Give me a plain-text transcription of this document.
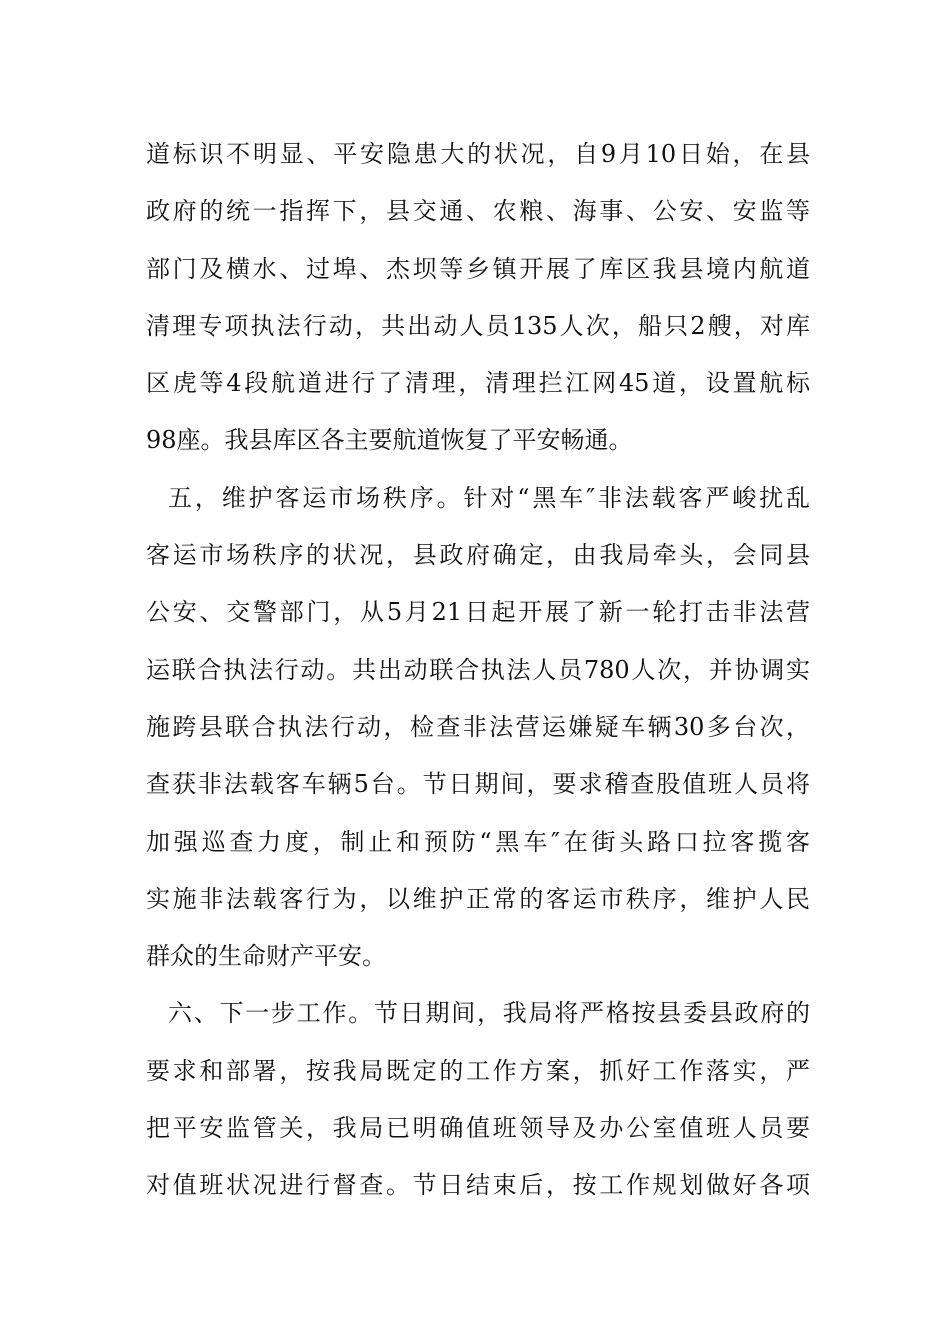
道标识不明显、平安隐患大的状况，自9月10日始，在县
政府的统一指挥下，县交通、农粮、海事、公安、安监等
部门及横水、过埠、杰坝等乡镇开展了库区我县境内航道
清理专项执法行动，共出动人员135人次，船只2艘，对库
区虎等4段航道进行了清理，清理拦江网45道，设置航标
98座。我县库区各主要航道恢复了平安畅通。
五，维护客运市场秩序。针对“黑车″非法载客严峻扰乱
客运市场秩序的状况，县政府确定，由我局牵头，会同县
公安、交警部门，从5月21日起开展了新一轮打击非法营
运联合执法行动。共出动联合执法人员780人次，并协调实
施跨县联合执法行动，检查非法营运嫌疑车辆30多台次，
查获非法载客车辆5台。节日期间，要求稽查股值班人员将
加强巡查力度，制止和预防“黑车″在街头路口拉客揽客
实施非法载客行为，以维护正常的客运市秩序，维护人民
群众的生命财产平安。
六、下一步工作。节日期间，我局将严格按县委县政府的
要求和部署，按我局既定的工作方案，抓好工作落实，严
把平安监管关，我局已明确值班领导及办公室值班人员要
对值班状况进行督查。节日结束后，按工作规划做好各项
